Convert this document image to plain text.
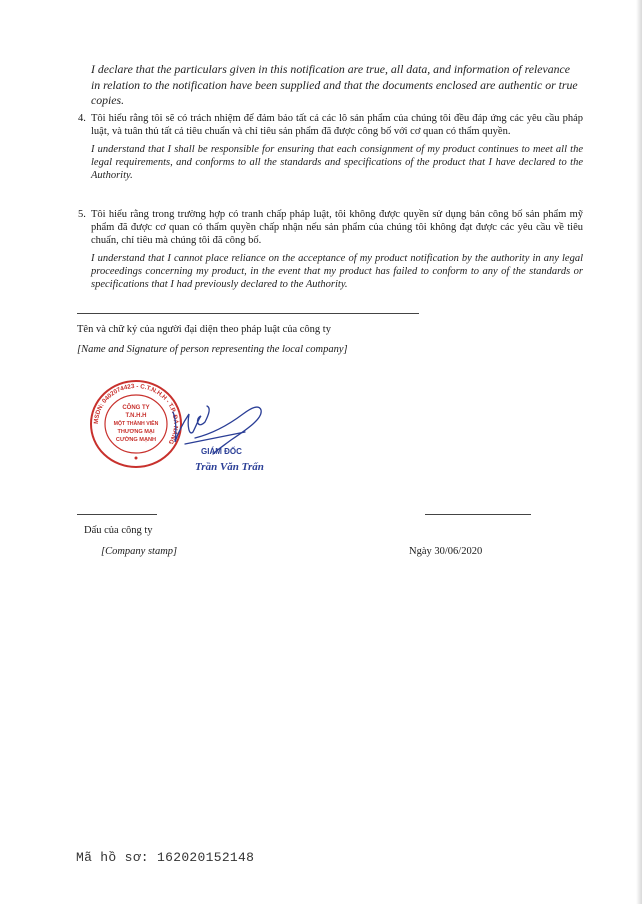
I declare that the particulars given in this notification are true, all data, and information of relevance in relation to the notification have been supplied and that the documents enclosed are authentic or true copies.

4. Tôi hiểu rằng tôi sẽ có trách nhiệm để đảm bảo tất cả các lô sản phẩm của chúng tôi đều đáp ứng các yêu cầu pháp luật, và tuân thủ tất cả tiêu chuẩn và chỉ tiêu sản phẩm đã được công bố với cơ quan có thẩm quyền.
I understand that I shall be responsible for ensuring that each consignment of my product continues to meet all the legal requirements, and conforms to all the standards and specifications of the product that I have declared to the Authority.
5. Tôi hiểu rằng trong trường hợp có tranh chấp pháp luật, tôi không được quyền sử dụng bản công bố sản phẩm mỹ phẩm đã được cơ quan có thẩm quyền chấp nhận nếu sản phẩm của chúng tôi không đạt được các yêu cầu về tiêu chuẩn, chỉ tiêu mà chúng tôi đã công bố.
I understand that I cannot place reliance on the acceptance of my product notification by the authority in any legal proceedings concerning my product, in the event that my product has failed to conform to any of the standards or specifications that I had previously declared to the Authority.
Tên và chữ ký của người đại diện theo pháp luật của công ty
[Name and Signature of person representing the local company]
MSDN: 0402074423 - C.T.N.H.H - T.P. ĐÀ NẴNG
CÔNG TY
T.N.H.H
MỘT THÀNH VIÊN
THƯƠNG MẠI
CƯỜNG MẠNH
GIÁM ĐỐC
Trần Văn Trấn
Dấu của công ty
[Company stamp]	Ngày 30/06/2020
Mã hồ sơ: 162020152148
